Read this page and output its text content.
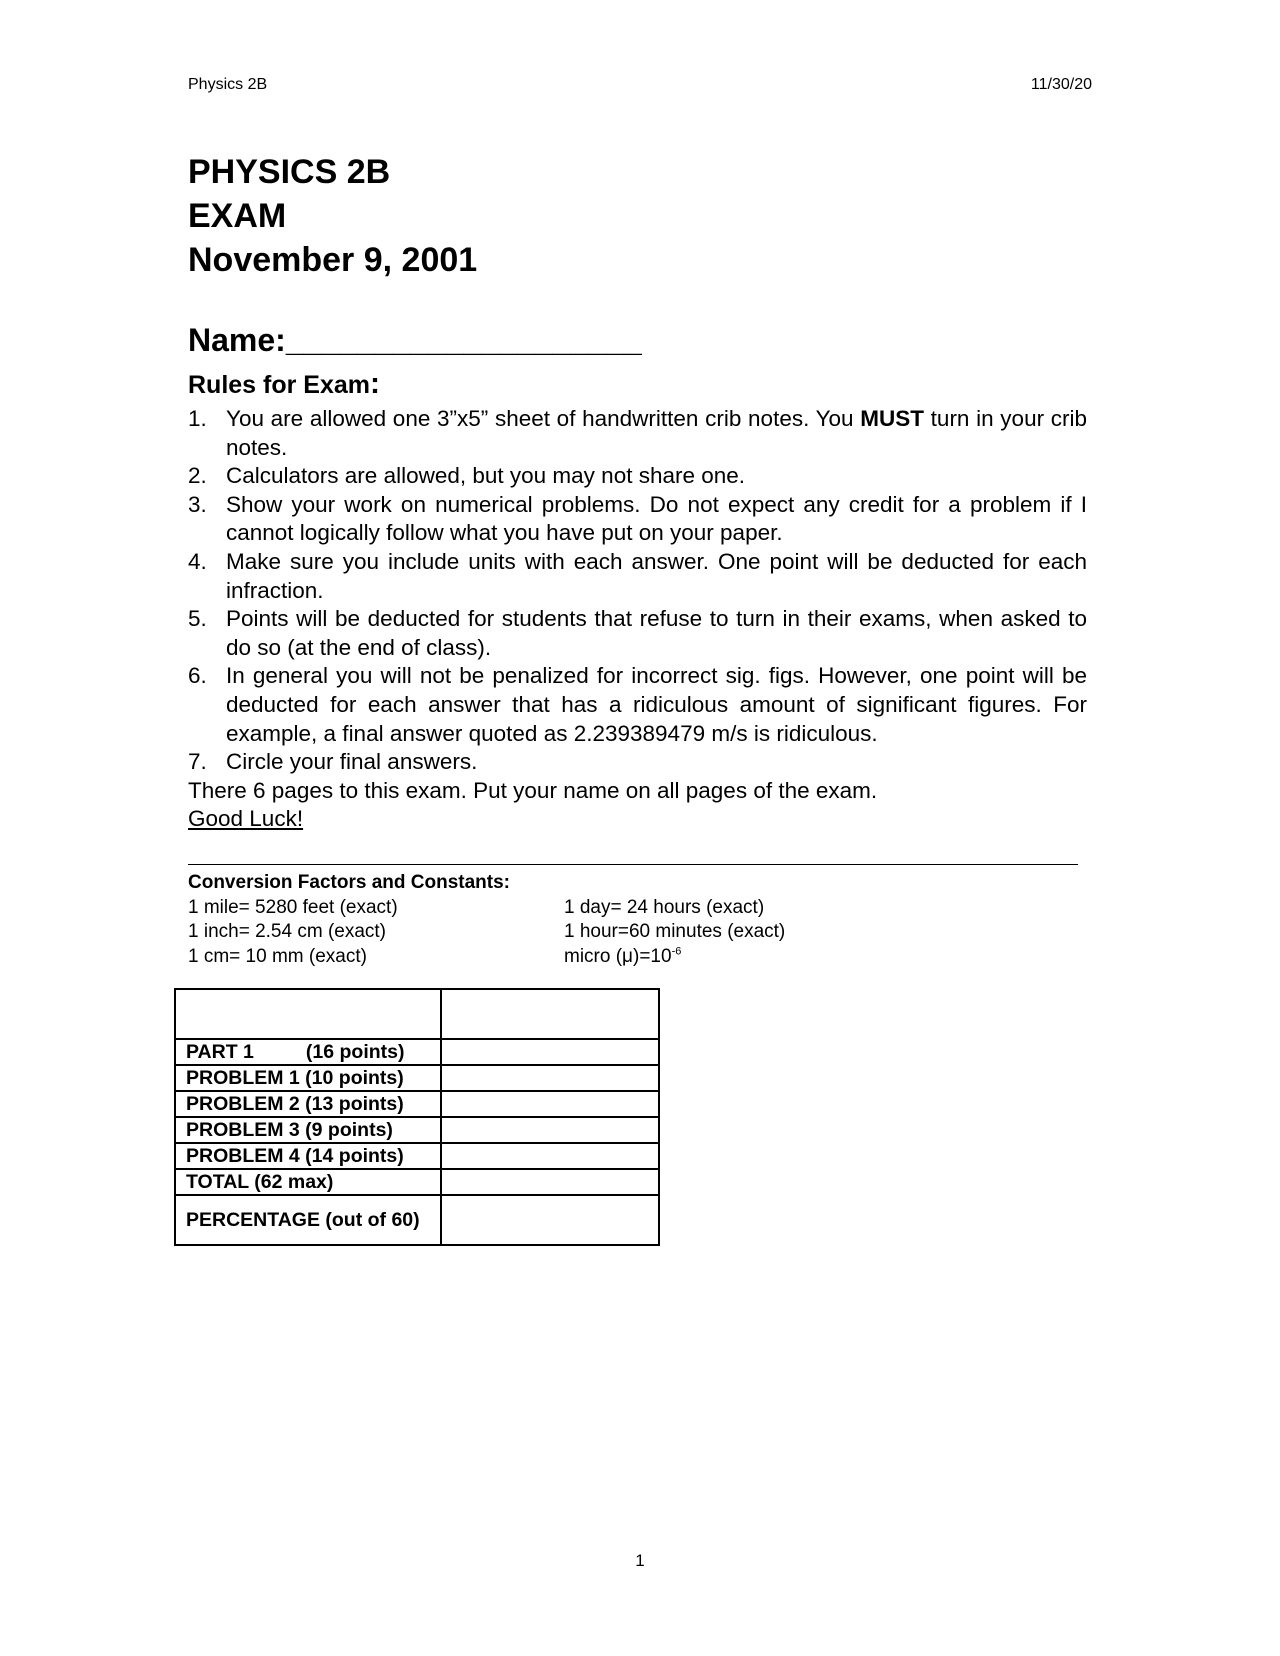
Physics 2B	11/30/20

PHYSICS 2B

EXAM

November 9, 2001

Name:____________________
Rules for Exam:
1. You are allowed one 3”x5” sheet of handwritten crib notes. You MUST turn in your crib notes.
2. Calculators are allowed, but you may not share one.
3. Show your work on numerical problems. Do not expect any credit for a problem if I cannot logically follow what you have put on your paper.
4. Make sure you include units with each answer. One point will be deducted for each infraction.
5. Points will be deducted for students that refuse to turn in their exams, when asked to do so (at the end of class).
6. In general you will not be penalized for incorrect sig. figs. However, one point will be deducted for each answer that has a ridiculous amount of significant figures. For example, a final answer quoted as 2.239389479 m/s is ridiculous.
7. Circle your final answers.
There 6 pages to this exam. Put your name on all pages of the exam.
Good Luck!
Conversion Factors and Constants:
1 mile= 5280 feet (exact)	1 day= 24 hours (exact)
1 inch= 2.54 cm (exact)	1 hour=60 minutes (exact)
1 cm= 10 mm (exact)	micro $(\mu)=10^{-6}$

PART 1 (16 points)	
PROBLEM 1 (10 points)	
PROBLEM 2 (13 points)	
PROBLEM 3 (9 points)	
PROBLEM 4 (14 points)	
TOTAL (62 max)	
PERCENTAGE (out of 60)	
1
